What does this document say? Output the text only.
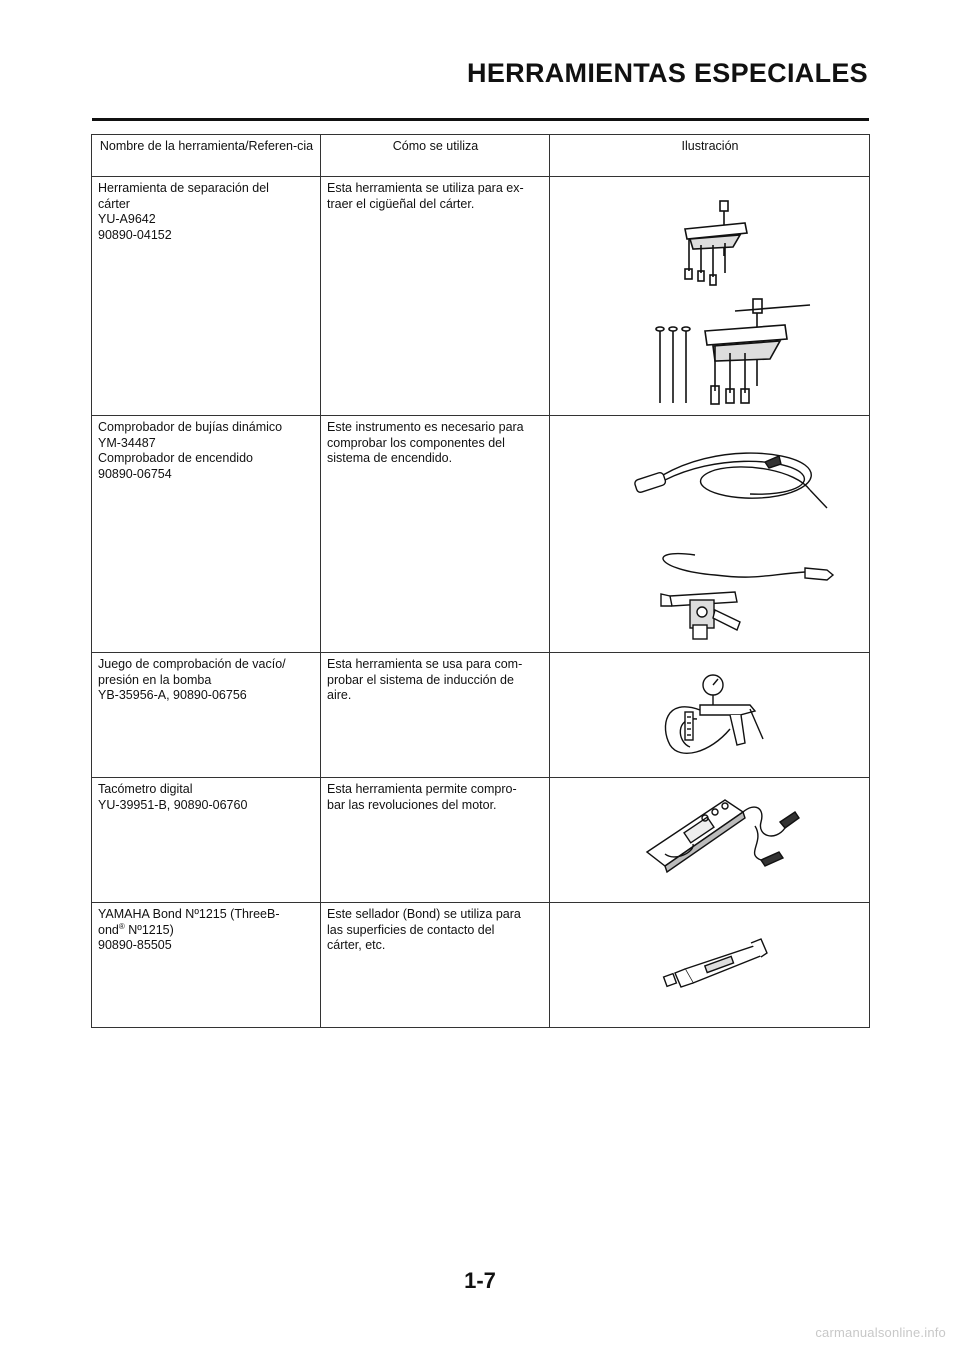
HERRAMIENTAS ESPECIALES
Nombre de la herramienta/Referen-cia	Cómo se utiliza	Ilustración

Herramienta de separación del
cárter
YU-A9642
90890-04152	Esta herramienta se utiliza para ex-
traer el cigüeñal del cárter.

Comprobador de bujías dinámico
YM-34487
Comprobador de encendido
90890-06754	Este instrumento es necesario para
comprobar los componentes del
sistema de encendido.

Juego de comprobación de vacío/
presión en la bomba
YB-35956-A, 90890-06756	Esta herramienta se usa para com-
probar el sistema de inducción de
aire.

Tacómetro digital
YU-39951-B, 90890-06760	Esta herramienta permite compro-
bar las revoluciones del motor.

YAMAHA Bond Nº1215 (ThreeB-
ond® Nº1215)
90890-85505	Este sellador (Bond) se utiliza para
las superficies de contacto del
cárter, etc.

1-7
carmanualsonline.info
